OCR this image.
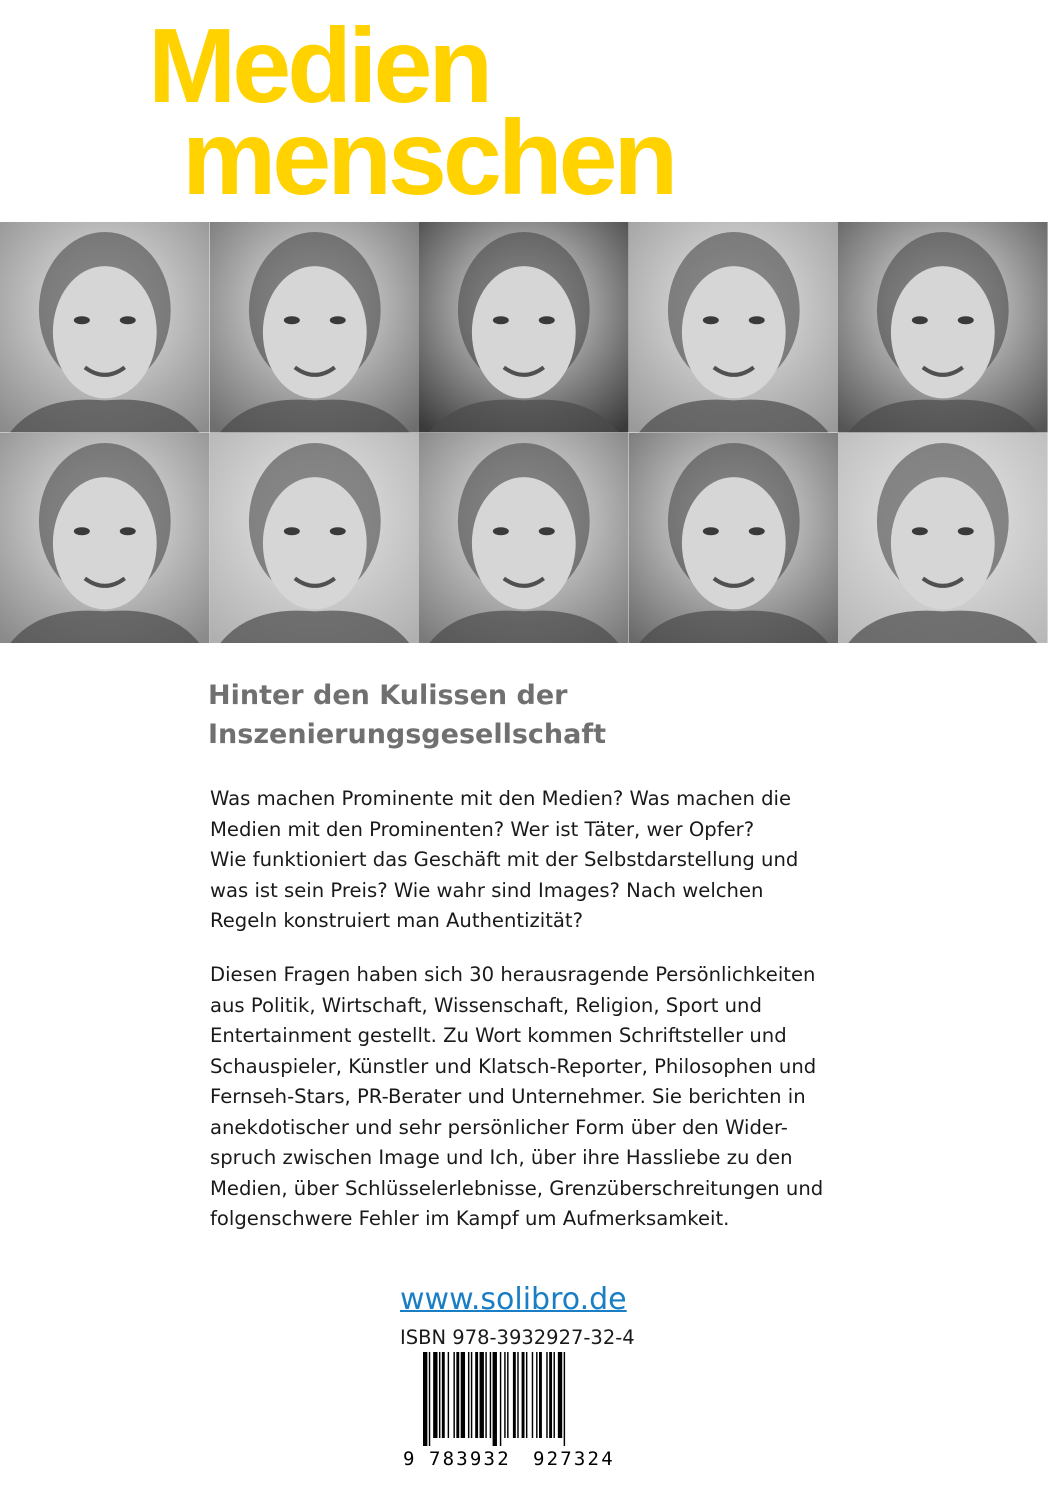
Medien
menschen
Hinter den Kulissen der
Inszenierungsgesellschaft
Was machen Prominente mit den Medien? Was machen die
Medien mit den Prominenten? Wer ist Täter, wer Opfer?
Wie funktioniert das Geschäft mit der Selbstdarstellung und
was ist sein Preis? Wie wahr sind Images? Nach welchen
Regeln konstruiert man Authentizität?
Diesen Fragen haben sich 30 herausragende Persönlichkeiten
aus Politik, Wirtschaft, Wissenschaft, Religion, Sport und
Entertainment gestellt. Zu Wort kommen Schriftsteller und
Schauspieler, Künstler und Klatsch-Reporter, Philosophen und
Fernseh-Stars, PR-Berater und Unternehmer. Sie berichten in
anekdotischer und sehr persönlicher Form über den Wider-
spruch zwischen Image und Ich, über ihre Hassliebe zu den
Medien, über Schlüsselerlebnisse, Grenzüberschreitungen und
folgenschwere Fehler im Kampf um Aufmerksamkeit.
www.solibro.de
ISBN 978-3932927-32-4
9 783932 927324
